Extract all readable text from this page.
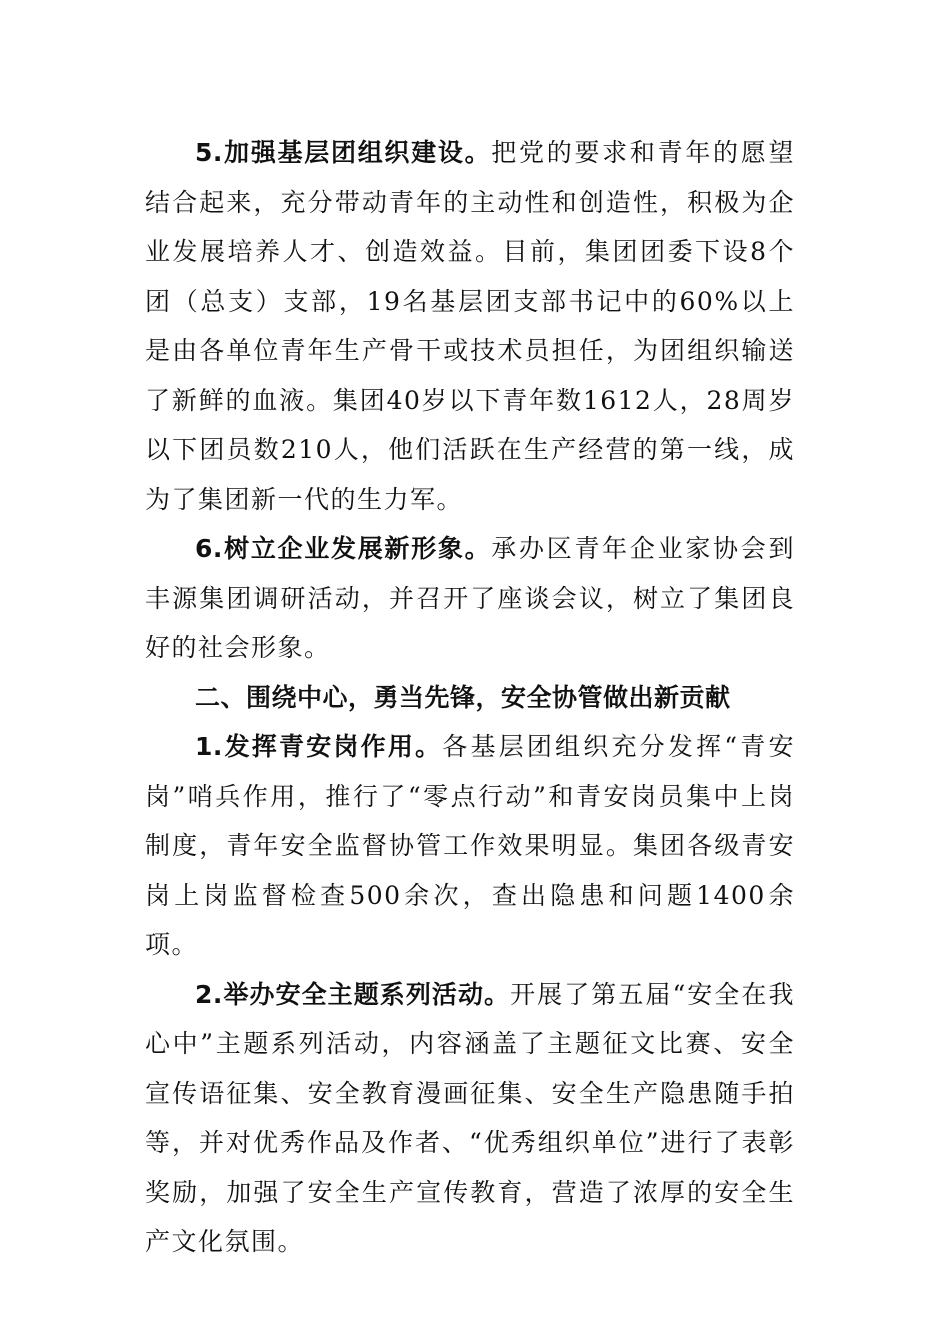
5.加强基层团组织建设。把党的要求和青年的愿望结合起来，充分带动青年的主动性和创造性，积极为企业发展培养人才、创造效益。目前，集团团委下设8个团（总支）支部，19名基层团支部书记中的60%以上是由各单位青年生产骨干或技术员担任，为团组织输送了新鲜的血液。集团40岁以下青年数1612人，28周岁以下团员数210人，他们活跃在生产经营的第一线，成为了集团新一代的生力军。

6.树立企业发展新形象。承办区青年企业家协会到丰源集团调研活动，并召开了座谈会议，树立了集团良好的社会形象。

二、围绕中心，勇当先锋，安全协管做出新贡献

1.发挥青安岗作用。各基层团组织充分发挥“青安岗”哨兵作用，推行了“零点行动”和青安岗员集中上岗制度，青年安全监督协管工作效果明显。集团各级青安岗上岗监督检查500余次，查出隐患和问题1400余项。

2.举办安全主题系列活动。开展了第五届“安全在我心中”主题系列活动，内容涵盖了主题征文比赛、安全宣传语征集、安全教育漫画征集、安全生产隐患随手拍等，并对优秀作品及作者、“优秀组织单位”进行了表彰奖励，加强了安全生产宣传教育，营造了浓厚的安全生产文化氛围。
